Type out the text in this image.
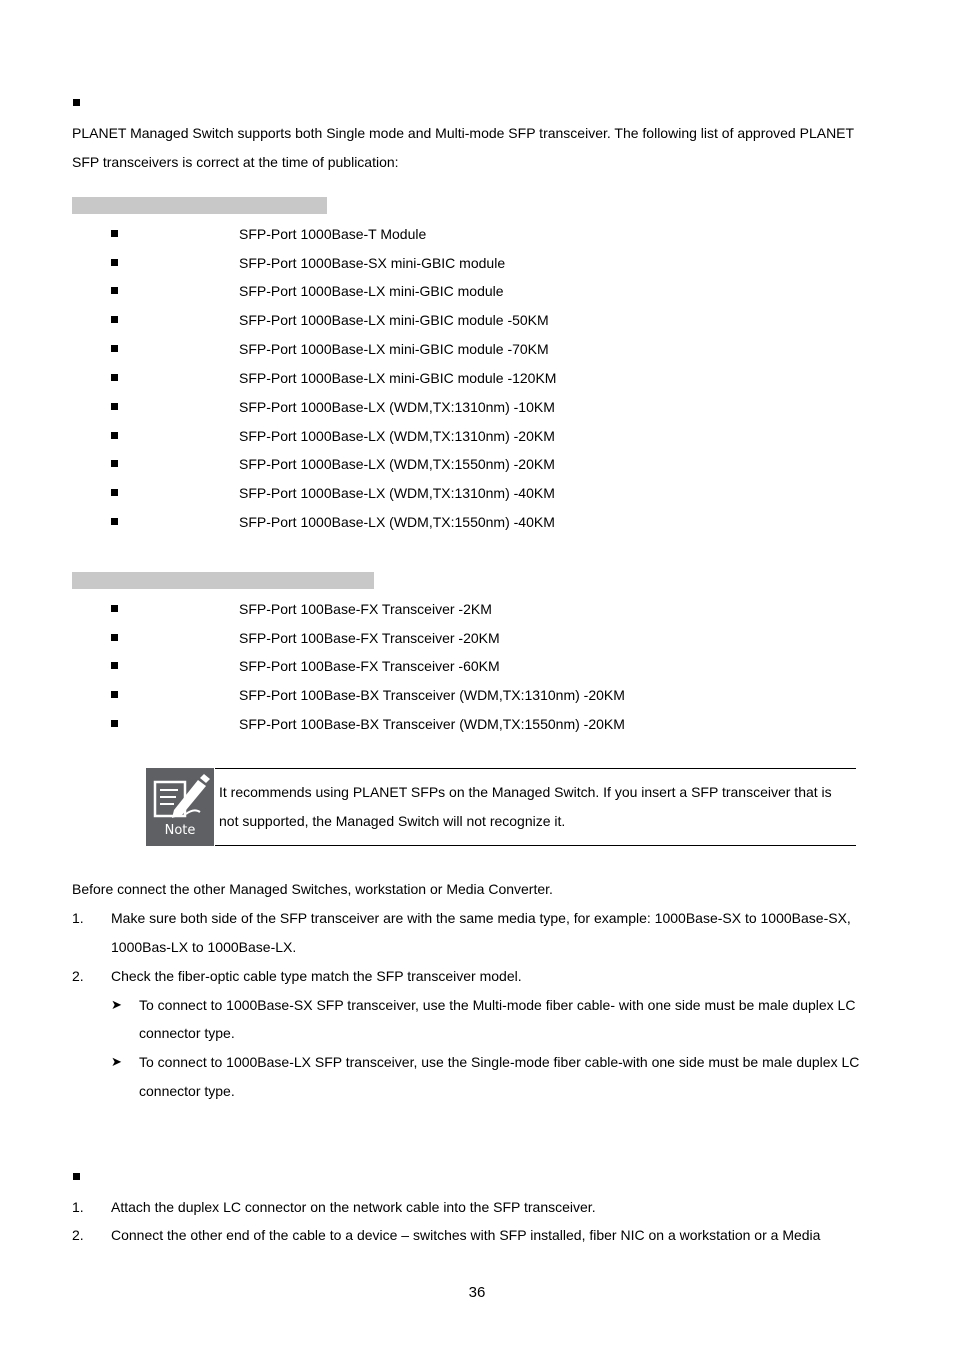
PLANET Managed Switch supports both Single mode and Multi-mode SFP transceiver. The following list of approved PLANET
SFP transceivers is correct at the time of publication:
SFP-Port 1000Base-T Module
SFP-Port 1000Base-SX mini-GBIC module
SFP-Port 1000Base-LX mini-GBIC module
SFP-Port 1000Base-LX mini-GBIC module -50KM
SFP-Port 1000Base-LX mini-GBIC module -70KM
SFP-Port 1000Base-LX mini-GBIC module -120KM
SFP-Port 1000Base-LX (WDM,TX:1310nm) -10KM
SFP-Port 1000Base-LX (WDM,TX:1310nm) -20KM
SFP-Port 1000Base-LX (WDM,TX:1550nm) -20KM
SFP-Port 1000Base-LX (WDM,TX:1310nm) -40KM
SFP-Port 1000Base-LX (WDM,TX:1550nm) -40KM
SFP-Port 100Base-FX Transceiver -2KM
SFP-Port 100Base-FX Transceiver -20KM
SFP-Port 100Base-FX Transceiver -60KM
SFP-Port 100Base-BX Transceiver (WDM,TX:1310nm) -20KM
SFP-Port 100Base-BX Transceiver (WDM,TX:1550nm) -20KM
Note
It recommends using PLANET SFPs on the Managed Switch. If you insert a SFP transceiver that is
not supported, the Managed Switch will not recognize it.
Before connect the other Managed Switches, workstation or Media Converter.
1. Make sure both side of the SFP transceiver are with the same media type, for example: 1000Base-SX to 1000Base-SX,
1000Bas-LX to 1000Base-LX.
2. Check the fiber-optic cable type match the SFP transceiver model.
➤ To connect to 1000Base-SX SFP transceiver, use the Multi-mode fiber cable- with one side must be male duplex LC
connector type.
➤ To connect to 1000Base-LX SFP transceiver, use the Single-mode fiber cable-with one side must be male duplex LC
connector type.
1. Attach the duplex LC connector on the network cable into the SFP transceiver.
2. Connect the other end of the cable to a device – switches with SFP installed, fiber NIC on a workstation or a Media
36
